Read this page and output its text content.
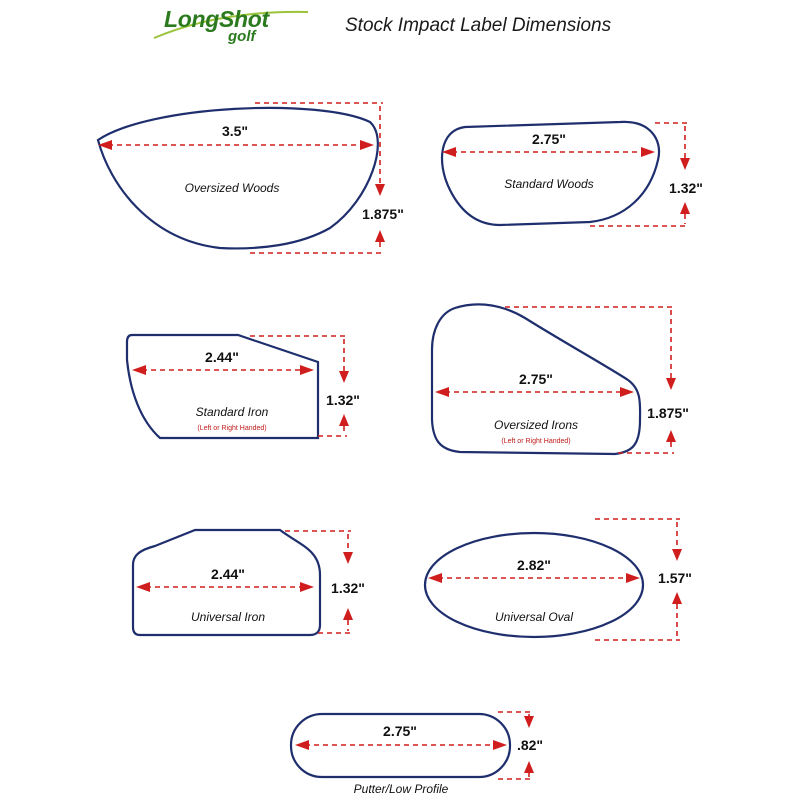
LongShot
golf
Stock Impact Label Dimensions
3.5"
1.875"
Oversized Woods
2.75"
1.32"
Standard Woods
2.44"
1.32"
Standard Iron
(Left or Right Handed)
2.75"
1.875"
Oversized Irons
(Left or Right Handed)
2.44"
1.32"
Universal Iron
2.82"
1.57"
Universal Oval
2.75"
.82"
Putter/Low Profile
